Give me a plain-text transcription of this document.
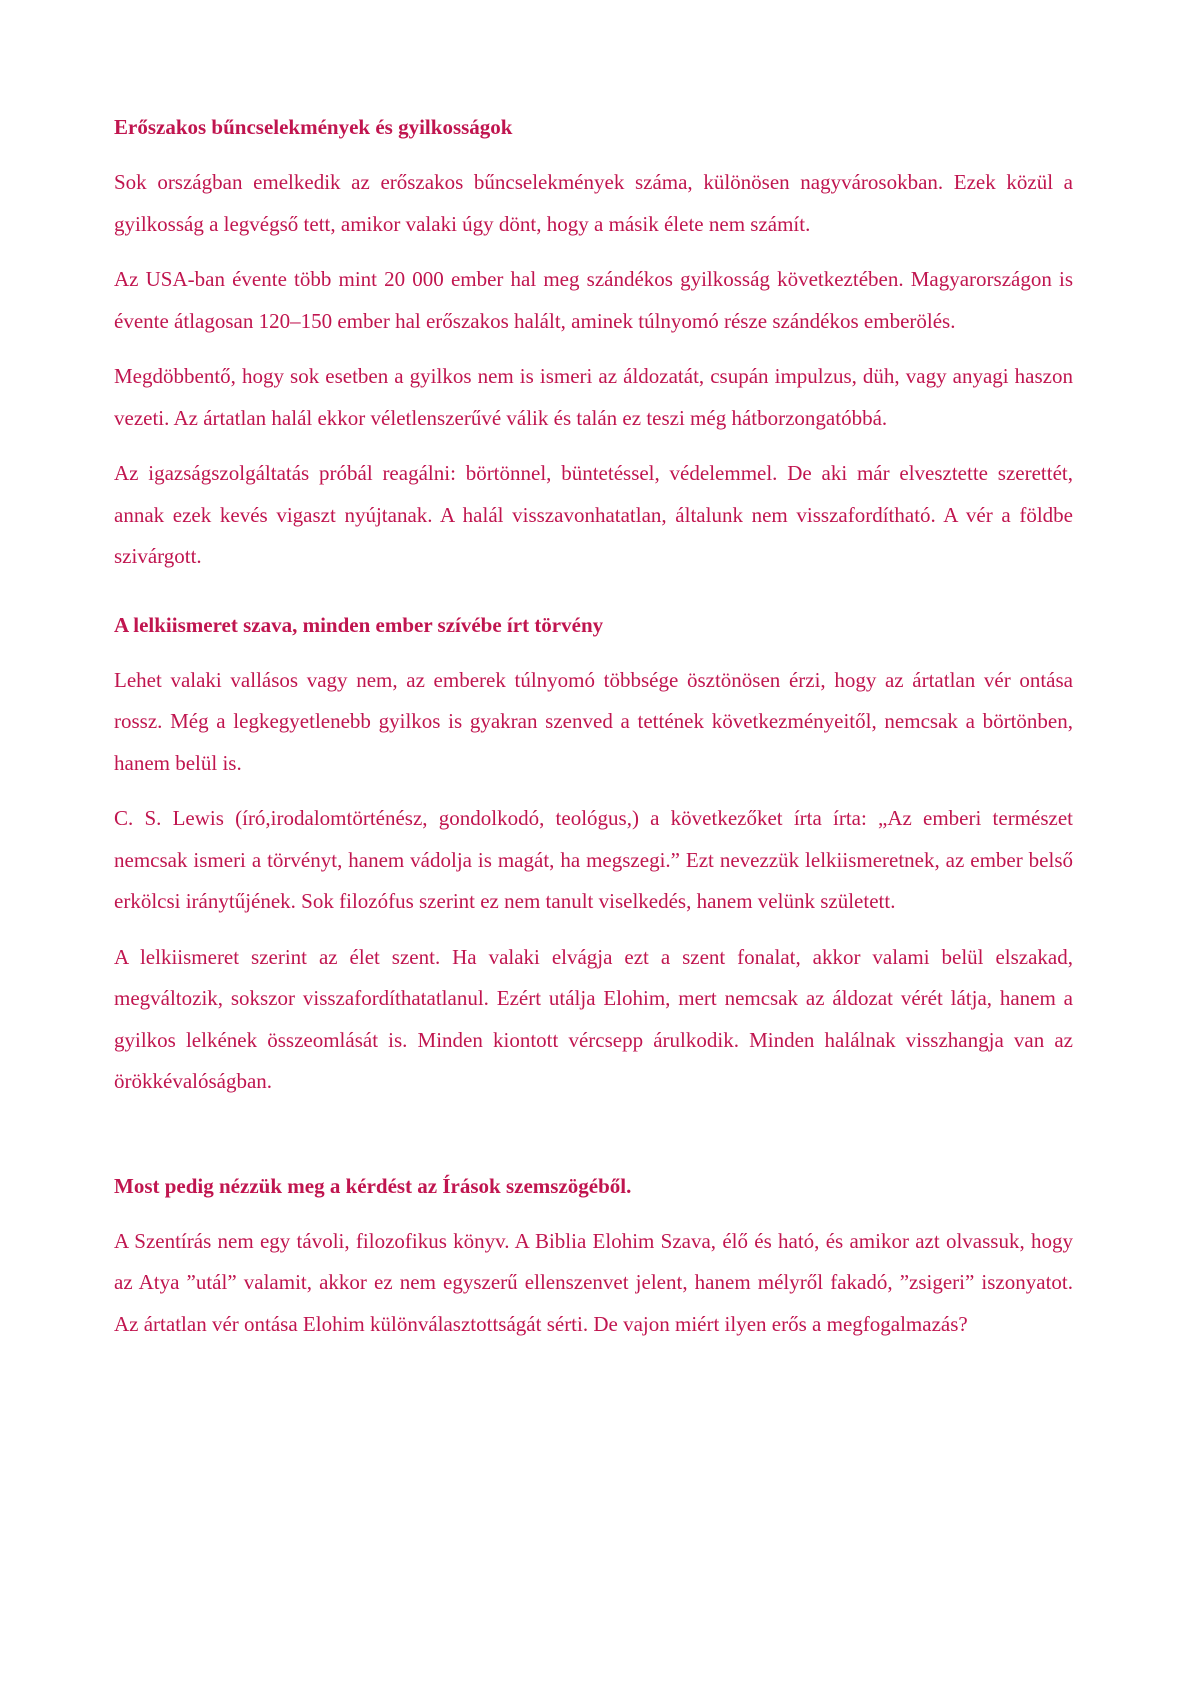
Erőszakos bűncselekmények és gyilkosságok

Sok országban emelkedik az erőszakos bűncselekmények száma, különösen nagyvárosokban. Ezek közül a gyilkosság a legvégső tett, amikor valaki úgy dönt, hogy a másik élete nem számít.

Az USA-ban évente több mint 20 000 ember hal meg szándékos gyilkosság következtében. Magyarországon is évente átlagosan 120–150 ember hal erőszakos halált, aminek túlnyomó része szándékos emberölés.

Megdöbbentő, hogy sok esetben a gyilkos nem is ismeri az áldozatát, csupán impulzus, düh, vagy anyagi haszon vezeti. Az ártatlan halál ekkor véletlenszerűvé válik és talán ez teszi még hátborzongatóbbá.

Az igazságszolgáltatás próbál reagálni: börtönnel, büntetéssel, védelemmel. De aki már elvesztette szerettét, annak ezek kevés vigaszt nyújtanak. A halál visszavonhatatlan, általunk nem visszafordítható. A vér a földbe szivárgott.

A lelkiismeret szava, minden ember szívébe írt törvény

Lehet valaki vallásos vagy nem, az emberek túlnyomó többsége ösztönösen érzi, hogy az ártatlan vér ontása rossz. Még a legkegyetlenebb gyilkos is gyakran szenved a tettének következményeitől, nemcsak a börtönben, hanem belül is.

C. S. Lewis (író,irodalomtörténész, gondolkodó, teológus,) a következőket írta írta: „Az emberi természet nemcsak ismeri a törvényt, hanem vádolja is magát, ha megszegi.” Ezt nevezzük lelkiismeretnek, az ember belső erkölcsi iránytűjének. Sok filozófus szerint ez nem tanult viselkedés, hanem velünk született.

A lelkiismeret szerint az élet szent. Ha valaki elvágja ezt a szent fonalat, akkor valami belül elszakad, megváltozik, sokszor visszafordíthatatlanul. Ezért utálja Elohim, mert nemcsak az áldozat vérét látja, hanem a gyilkos lelkének összeomlását is. Minden kiontott vércsepp árulkodik. Minden halálnak visszhangja van az örökkévalóságban.

Most pedig nézzük meg a kérdést az Írások szemszögéből.

A Szentírás nem egy távoli, filozofikus könyv. A Biblia Elohim Szava, élő és ható, és amikor azt olvassuk, hogy az Atya ”utál” valamit, akkor ez nem egyszerű ellenszenvet jelent, hanem mélyről fakadó, ”zsigeri” iszonyatot. Az ártatlan vér ontása Elohim különválasztottságát sérti. De vajon miért ilyen erős a megfogalmazás?
